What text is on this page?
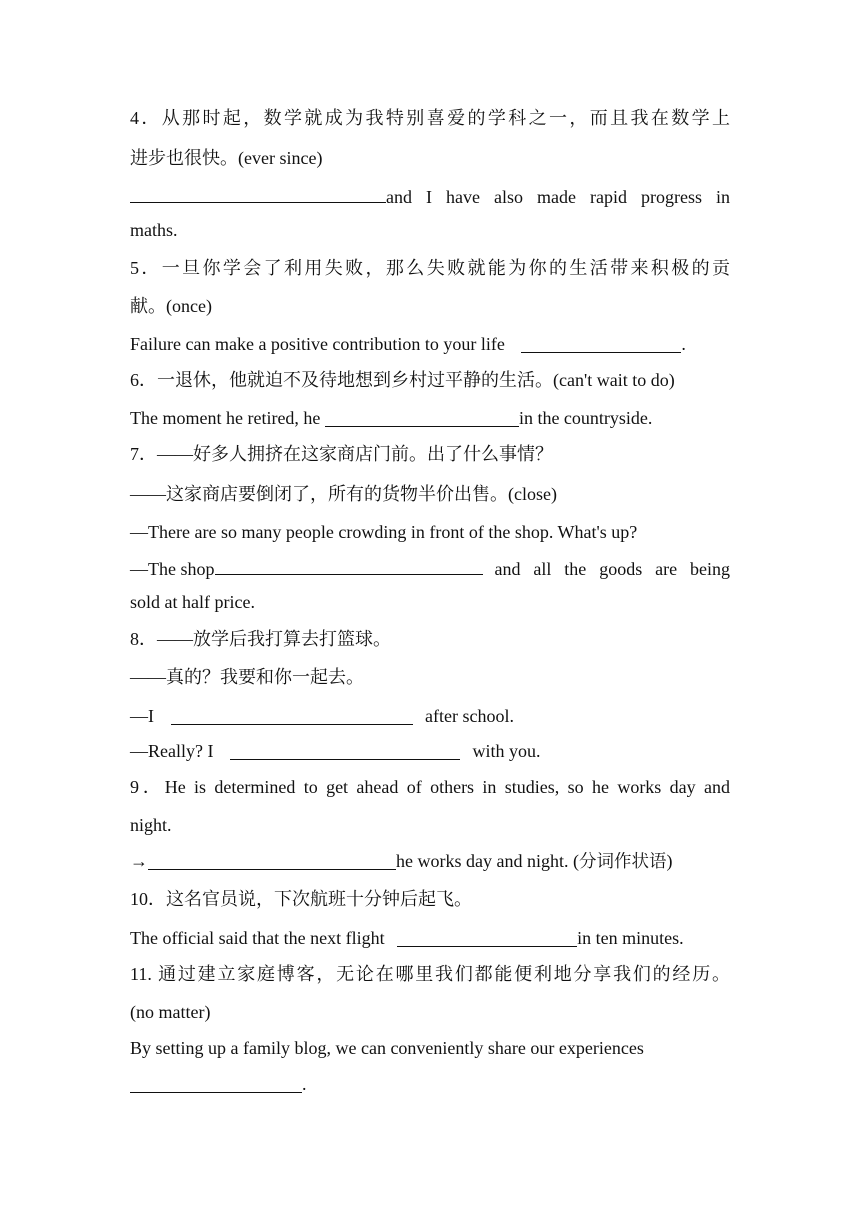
4．从那时起，数学就成为我特别喜爱的学科之一，而且我在数学上
进步也很快。(ever since)
and I have also made rapid progress in
maths.
5．一旦你学会了利用失败，那么失败就能为你的生活带来积极的贡
献。(once)
Failure can make a positive contribution to your life	.
6．一退休，他就迫不及待地想到乡村过平静的生活。(can't wait to do)
The moment he retired, he	in the countryside.
7．——好多人拥挤在这家商店门前。出了什么事情？
——这家商店要倒闭了，所有的货物半价出售。(close)
—There are so many people crowding in front of the shop. What's up?
—The shop	and all the goods are being
sold at half price.
8．——放学后我打算去打篮球。
——真的？我要和你一起去。
—I	after school.
—Really? I	with you.
9．He is determined to get ahead of others in studies, so he works day and
night.
→	he works day and night. (分词作状语)
10．这名官员说，下次航班十分钟后起飞。
The official said that the next flight	in ten minutes.
11. 通过建立家庭博客，无论在哪里我们都能便利地分享我们的经历。
(no matter)
By setting up a family blog, we can conveniently share our experiences
.
